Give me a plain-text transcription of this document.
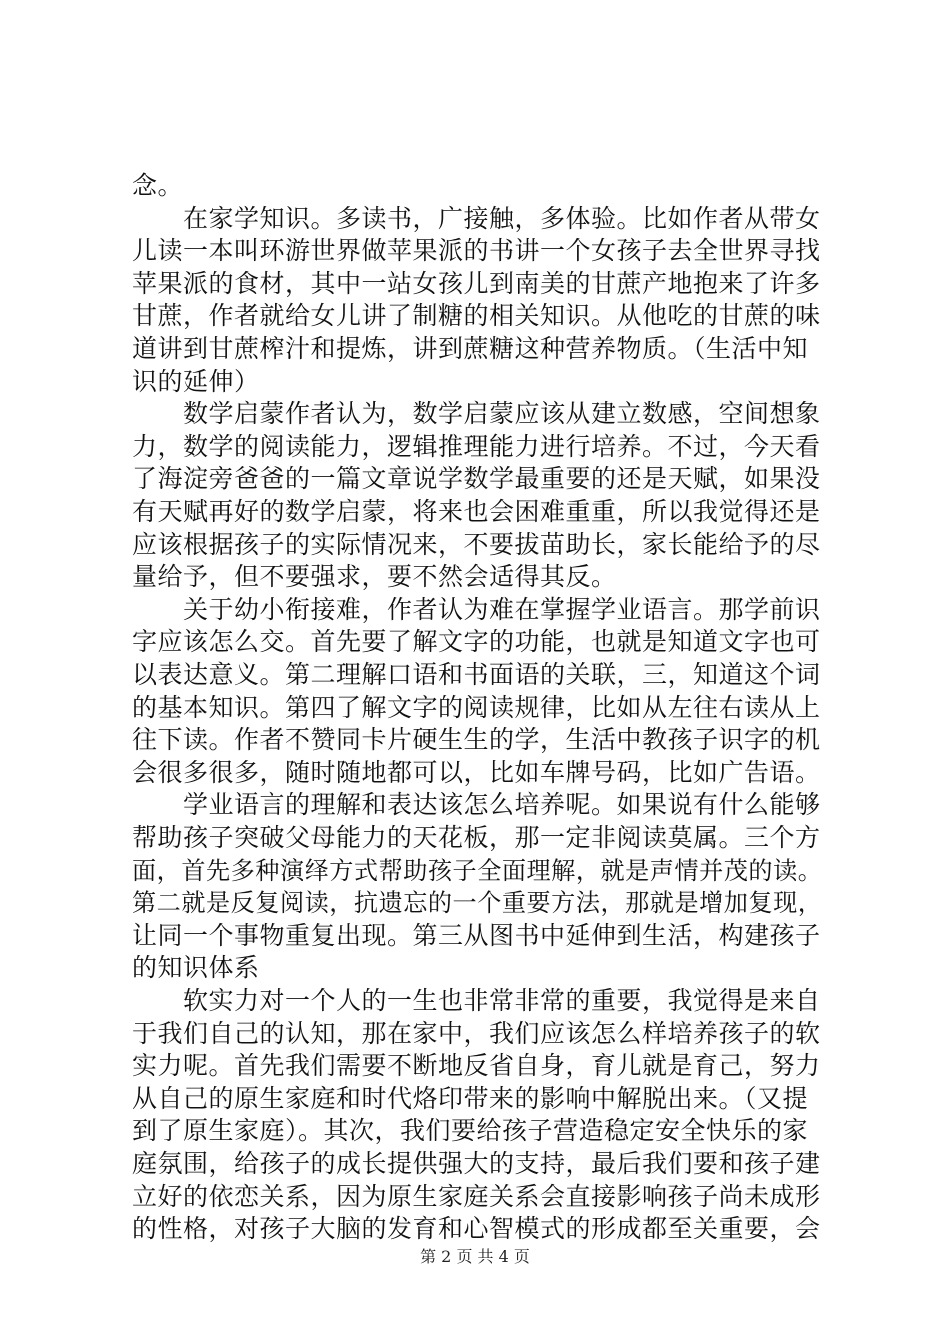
念。
　　在家学知识。多读书，广接触，多体验。比如作者从带女
儿读一本叫环游世界做苹果派的书讲一个女孩子去全世界寻找
苹果派的食材，其中一站女孩儿到南美的甘蔗产地抱来了许多
甘蔗，作者就给女儿讲了制糖的相关知识。从他吃的甘蔗的味
道讲到甘蔗榨汁和提炼，讲到蔗糖这种营养物质。（生活中知
识的延伸）
　　数学启蒙作者认为，数学启蒙应该从建立数感，空间想象
力，数学的阅读能力，逻辑推理能力进行培养。不过，今天看
了海淀旁爸爸的一篇文章说学数学最重要的还是天赋，如果没
有天赋再好的数学启蒙，将来也会困难重重，所以我觉得还是
应该根据孩子的实际情况来，不要拔苗助长，家长能给予的尽
量给予，但不要强求，要不然会适得其反。
　　关于幼小衔接难，作者认为难在掌握学业语言。那学前识
字应该怎么交。首先要了解文字的功能，也就是知道文字也可
以表达意义。第二理解口语和书面语的关联，三，知道这个词
的基本知识。第四了解文字的阅读规律，比如从左往右读从上
往下读。作者不赞同卡片硬生生的学，生活中教孩子识字的机
会很多很多，随时随地都可以，比如车牌号码，比如广告语。
　　学业语言的理解和表达该怎么培养呢。如果说有什么能够
帮助孩子突破父母能力的天花板，那一定非阅读莫属。三个方
面，首先多种演绎方式帮助孩子全面理解，就是声情并茂的读。
第二就是反复阅读，抗遗忘的一个重要方法，那就是增加复现，
让同一个事物重复出现。第三从图书中延伸到生活，构建孩子
的知识体系
　　软实力对一个人的一生也非常非常的重要，我觉得是来自
于我们自己的认知，那在家中，我们应该怎么样培养孩子的软
实力呢。首先我们需要不断地反省自身，育儿就是育己，努力
从自己的原生家庭和时代烙印带来的影响中解脱出来。（又提
到了原生家庭）。其次，我们要给孩子营造稳定安全快乐的家
庭氛围，给孩子的成长提供强大的支持，最后我们要和孩子建
立好的依恋关系，因为原生家庭关系会直接影响孩子尚未成形
的性格，对孩子大脑的发育和心智模式的形成都至关重要，会
第 2 页 共 4 页
